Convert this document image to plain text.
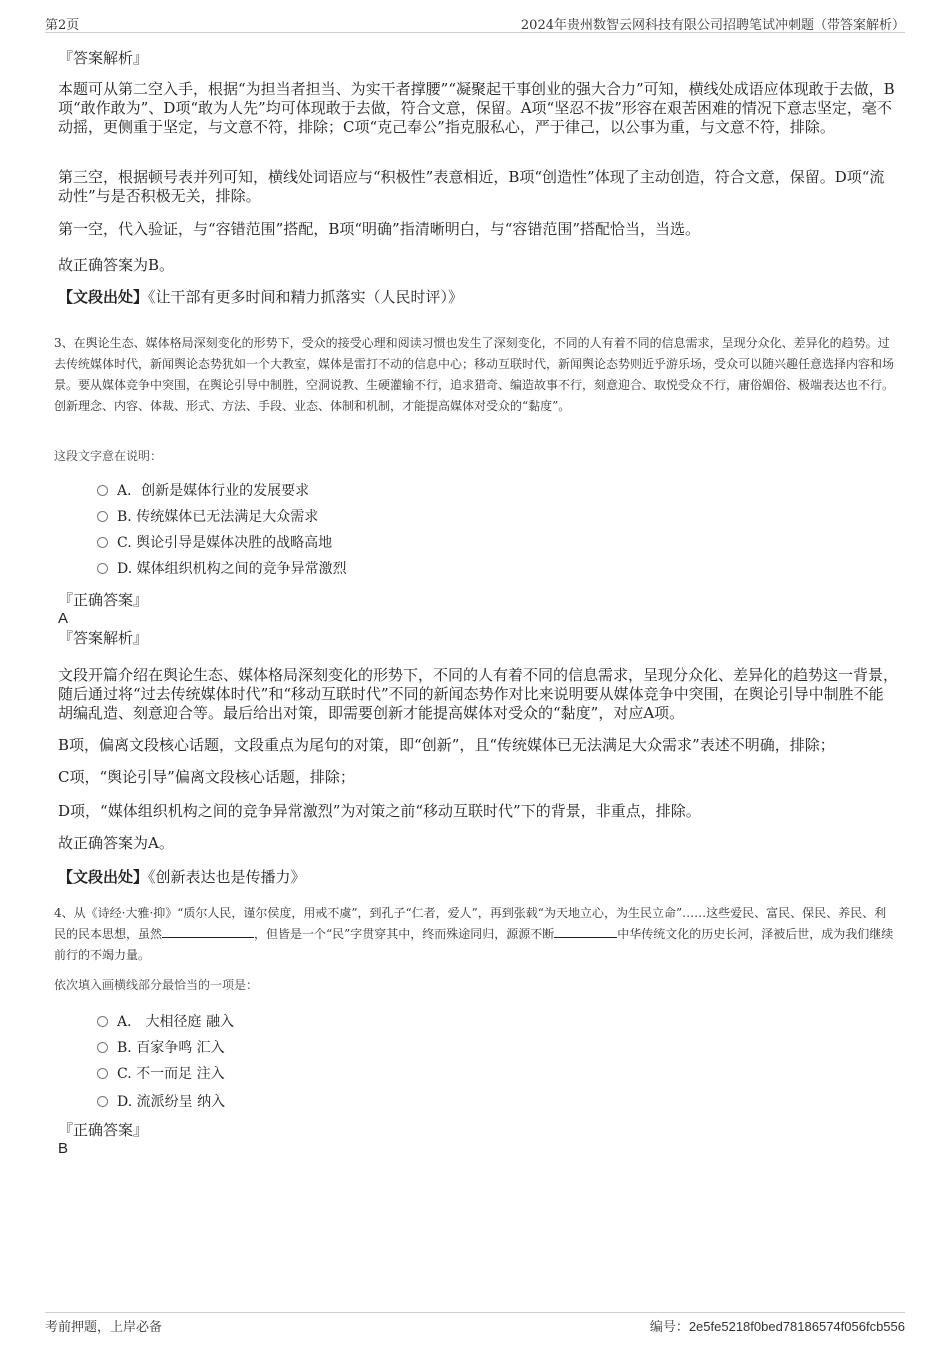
第2页	2024年贵州数智云网科技有限公司招聘笔试冲刺题（带答案解析）
『答案解析』
本题可从第二空入手，根据“为担当者担当、为实干者撑腰”“凝聚起干事创业的强大合力”可知，横线处成语应体现敢于去做，B项“敢作敢为”、D项“敢为人先”均可体现敢于去做，符合文意，保留。A项“坚忍不拔”形容在艰苦困难的情况下意志坚定，毫不动摇，更侧重于坚定，与文意不符，排除；C项“克己奉公”指克服私心，严于律己，以公事为重，与文意不符，排除。
第三空，根据顿号表并列可知，横线处词语应与“积极性”表意相近，B项“创造性”体现了主动创造，符合文意，保留。D项“流动性”与是否积极无关，排除。
第一空，代入验证，与“容错范围”搭配，B项“明确”指清晰明白，与“容错范围”搭配恰当，当选。
故正确答案为B。
【文段出处】《让干部有更多时间和精力抓落实（人民时评）》
3、在舆论生态、媒体格局深刻变化的形势下，受众的接受心理和阅读习惯也发生了深刻变化，不同的人有着不同的信息需求，呈现分众化、差异化的趋势。过去传统媒体时代，新闻舆论态势犹如一个大教室，媒体是雷打不动的信息中心；移动互联时代，新闻舆论态势则近乎游乐场，受众可以随兴趣任意选择内容和场景。要从媒体竞争中突围，在舆论引导中制胜，空洞说教、生硬灌输不行，追求猎奇、编造故事不行，刻意迎合、取悦受众不行，庸俗媚俗、极端表达也不行。创新理念、内容、体裁、形式、方法、手段、业态、体制和机制，才能提高媒体对受众的“黏度”。
这段文字意在说明：
A．创新是媒体行业的发展要求
B. 传统媒体已无法满足大众需求
C. 舆论引导是媒体决胜的战略高地
D. 媒体组织机构之间的竞争异常激烈
『正确答案』
A
『答案解析』
文段开篇介绍在舆论生态、媒体格局深刻变化的形势下，不同的人有着不同的信息需求，呈现分众化、差异化的趋势这一背景，随后通过将“过去传统媒体时代”和“移动互联时代”不同的新闻态势作对比来说明要从媒体竞争中突围，在舆论引导中制胜不能胡编乱造、刻意迎合等。最后给出对策，即需要创新才能提高媒体对受众的“黏度”，对应A项。
B项，偏离文段核心话题，文段重点为尾句的对策，即“创新”，且“传统媒体已无法满足大众需求”表述不明确，排除；
C项，“舆论引导”偏离文段核心话题，排除；
D项，“媒体组织机构之间的竞争异常激烈”为对策之前“移动互联时代”下的背景，非重点，排除。
故正确答案为A。
【文段出处】《创新表达也是传播力》
4、从《诗经·大雅·抑》“质尔人民，谨尔侯度，用戒不虞”，到孔子“仁者，爱人”，再到张载“为天地立心，为生民立命”……这些爱民、富民、保民、养民、利民的民本思想，虽然	，但皆是一个“民”字贯穿其中，终而殊途同归，源源不断	中华传统文化的历史长河，泽被后世，成为我们继续前行的不竭力量。
依次填入画横线部分最恰当的一项是：
A． 大相径庭 融入
B. 百家争鸣 汇入
C. 不一而足 注入
D. 流派纷呈 纳入
『正确答案』
B
考前押题，上岸必备	编号：2e5fe5218f0bed78186574f056fcb556
